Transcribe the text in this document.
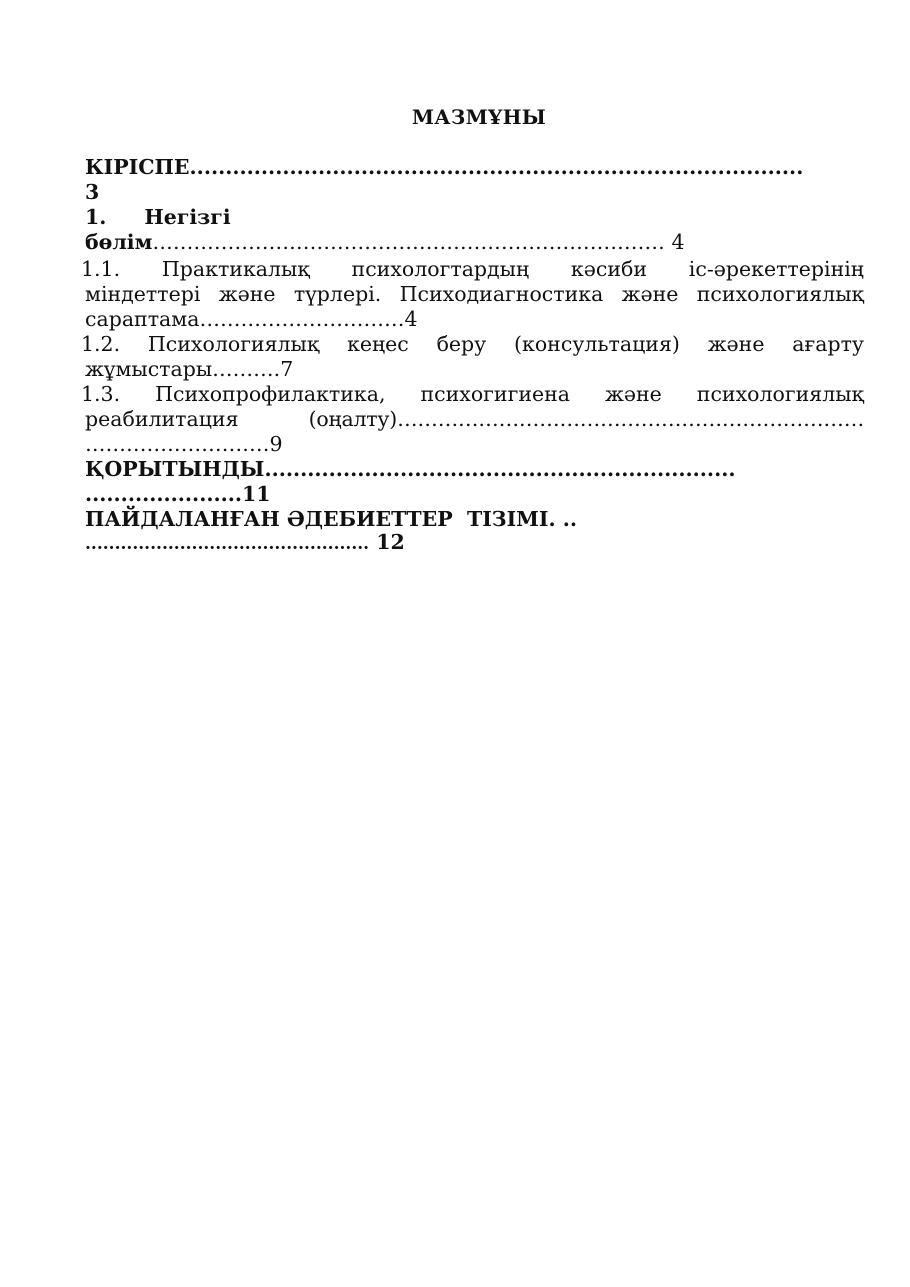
МАЗМҰНЫ
КІРІСПЕ......................................................................................
3
1. Негізгі
бөлім………………………………………………………………… 4
1.1. Практикалық психологтардың кәсиби іс-әрекеттерінің
міндеттері және түрлері. Психодиагностика және психологиялық
сараптама…………………………4
1.2. Психологиялық кеңес беру (консультация) және ағарту
жұмыстары……….7
1.3. Психопрофилактика, психогигиена және психологиялық
реабилитация	(оңалту)……………………………………………………………
………………………9
ҚОРЫТЫНДЫ..................................................................
......................11
ПАЙДАЛАНҒАН ӘДЕБИЕТТЕР  ТІЗІМІ. ..
................................................ 12
